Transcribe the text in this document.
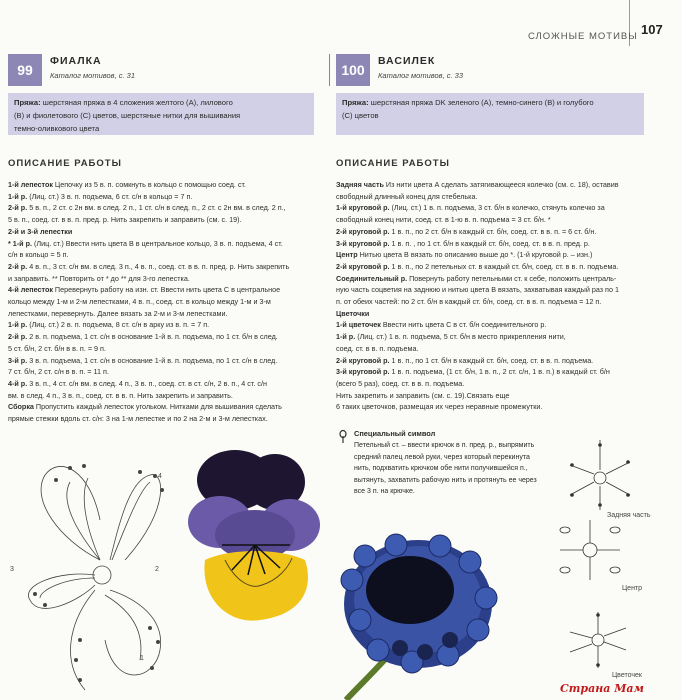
СЛОЖНЫЕ МОТИВЫ 107
99
ФИАЛКА
Каталог мотивов, с. 31

Пряжа: шерстяная пряжа в 4 сложения желтого (A), лилового

(B) и фиолетового (C) цветов, шерстяные нитки для вышивания

темно-оливкового цвета

ОПИСАНИЕ РАБОТЫ

1-й лепесток Цепочку из 5 в. п. сомкнуть в кольцо с помощью соед. ст.

1-й р. (Лиц. ст.) 3 в. п. подъема, 6 ст. с/н в кольцо = 7 п.

2-й р. 5 в. п., 2 ст. с 2н вм. в след. 2 п., 1 ст. с/н в след. п., 2 ст. с 2н вм. в след. 2 п.,

5 в. п., соед. ст. в в. п. пред. р. Нить закрепить и заправить (см. с. 19).

2-й и 3-й лепестки

* 1-й р. (Лиц. ст.) Ввести нить цвета В в центральное кольцо, 3 в. п. подъема, 4 ст.

с/н в кольцо = 5 п.

2-й р. 4 в. п., 3 ст. с/н вм. в след. 3 п., 4 в. п., соед. ст. в в. п. пред. р. Нить закрепить

и заправить. ** Повторить от * до ** для 3-го лепестка.

4-й лепесток Перевернуть работу на изн. ст. Ввести нить цвета С в центральное

кольцо между 1-м и 2-м лепестками, 4 в. п., соед. ст. в кольцо между 1-м и 3-м

лепестками, перевернуть. Далее вязать за 2-м и 3-м лепестками.

1-й р. (Лиц. ст.) 2 в. п. подъема, 8 ст. с/н в арку из в. п. = 7 п.

2-й р. 2 в. п. подъема, 1 ст. с/н в основание 1-й в. п. подъема, по 1 ст. б/н в след.

5 ст. б/н, 2 ст. б/н в в. п. = 9 п.

3-й р. 3 в. п. подъема, 1 ст. с/н в основание 1-й в. п. подъема, по 1 ст. с/н в след.

7 ст. б/н, 2 ст. с/н в в. п. = 11 п.

4-й р. 3 в. п., 4 ст. с/н вм. в след. 4 п., 3 в. п., соед. ст. в ст. с/н, 2 в. п., 4 ст. с/н

вм. в след. 4 п., 3 в. п., соед. ст. в в. п. Нить закрепить и заправить.

Сборка Пропустить каждый лепесток угольком. Нитками для вышивания сделать

прямые стежки вдоль ст. с/н: 3 на 1-м лепестке и по 2 на 2-м и 3-м лепестках.

100
ВАСИЛЕК
Каталог мотивов, с. 33

Пряжа: шерстяная пряжа DK зеленого (A), темно-синего (B) и голубого

(C) цветов

ОПИСАНИЕ РАБОТЫ

Задняя часть Из нити цвета А сделать затягивающееся колечко (см. с. 18), оставив

свободный длинный конец для стебелька.

1-й круговой р. (Лиц. ст.) 1 в. п. подъема, 3 ст. б/н в колечко, стянуть колечко за

свободный конец нити, соед. ст. в 1-ю в. п. подъема = 3 ст. б/н. *

2-й круговой р. 1 в. п., по 2 ст. б/н в каждый ст. б/н, соед. ст. в в. п. = 6 ст. б/н.

3-й круговой р. 1 в. п. , по 1 ст. б/н в каждый ст. б/н, соед. ст. в в. п. пред. р.

Центр Нитью цвета В вязать по описанию выше до *. (1-й круговой р. – изн.)

2-й круговой р. 1 в. п., по 2 петельных ст. в каждый ст. б/н, соед. ст. в в. п. подъема.

Соединительный р. Повернуть работу петельными ст. к себе, положить централь-

ную часть соцветия на заднюю и нитью цвета В вязать, захватывая каждый раз по 1

п. от обеих частей: по 2 ст. б/н в каждый ст. б/н, соед. ст. в в. п. подъема = 12 п.

Цветочки

1-й цветочек Ввести нить цвета С в ст. б/н соединительного р.

1-й р. (Лиц. ст.) 1 в. п. подъема, 5 ст. б/н в место прикрепления нити,

соед. ст. в в. п. подъема.

2-й круговой р. 1 в. п., по 1 ст. б/н в каждый ст. б/н, соед. ст. в в. п. подъема.

3-й круговой р. 1 в. п. подъема, (1 ст. б/н, 1 в. п., 2 ст. с/н, 1 в. п.) в каждый ст. б/н

(всего 5 раз), соед. ст. в в. п. подъема.

Нить закрепить и заправить (см. с. 19).Связать еще

6 таких цветочков, размещая их через неравные промежутки.

Специальный символ

Петельный ст. – ввести крючок в п. пред. р., выпрямить

средний палец левой руки, через который перекинута

нить, подхватить крючком обе нити получившейся п.,

вытянуть, захватить рабочую нить и протянуть ее через

все 3 п. на крючке.

4
3	2
1
Задняя часть
Центр
Цветочек
Страна Мам
